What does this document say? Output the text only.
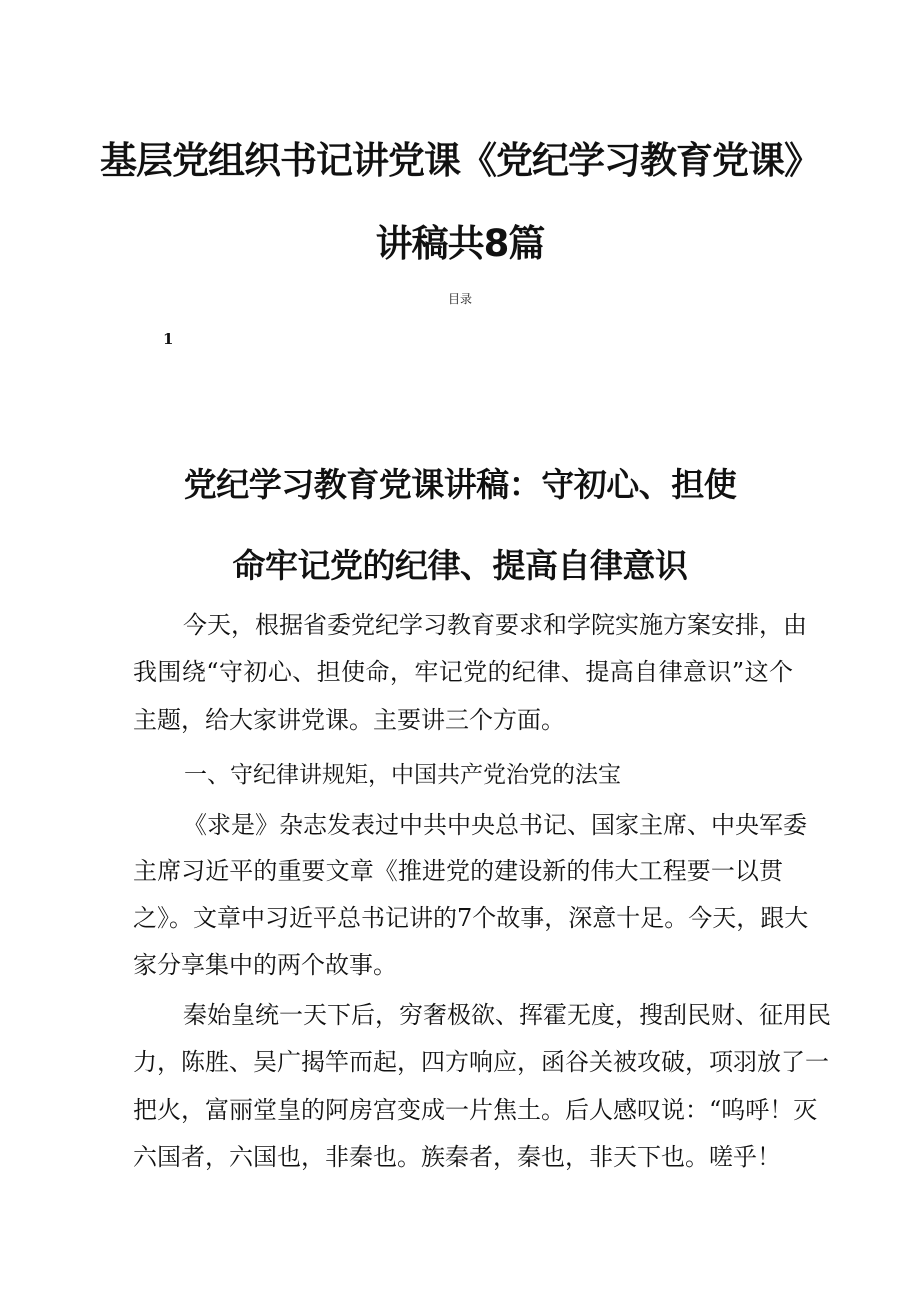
基层党组织书记讲党课《党纪学习教育党课》
讲稿共8篇
目录
1
党纪学习教育党课讲稿：守初心、担使
命牢记党的纪律、提高自律意识
今天，根据省委党纪学习教育要求和学院实施方案安排，由
我围绕“守初心、担使命，牢记党的纪律、提高自律意识”这个
主题，给大家讲党课。主要讲三个方面。
一、守纪律讲规矩，中国共产党治党的法宝
《求是》杂志发表过中共中央总书记、国家主席、中央军委
主席习近平的重要文章《推进党的建设新的伟大工程要一以贯
之》。文章中习近平总书记讲的7个故事，深意十足。今天，跟大
家分享集中的两个故事。
秦始皇统一天下后，穷奢极欲、挥霍无度，搜刮民财、征用民
力，陈胜、吴广揭竿而起，四方响应，函谷关被攻破，项羽放了一
把火，富丽堂皇的阿房宫变成一片焦土。后人感叹说：“呜呼！灭
六国者，六国也，非秦也。族秦者，秦也，非天下也。嗟乎！
